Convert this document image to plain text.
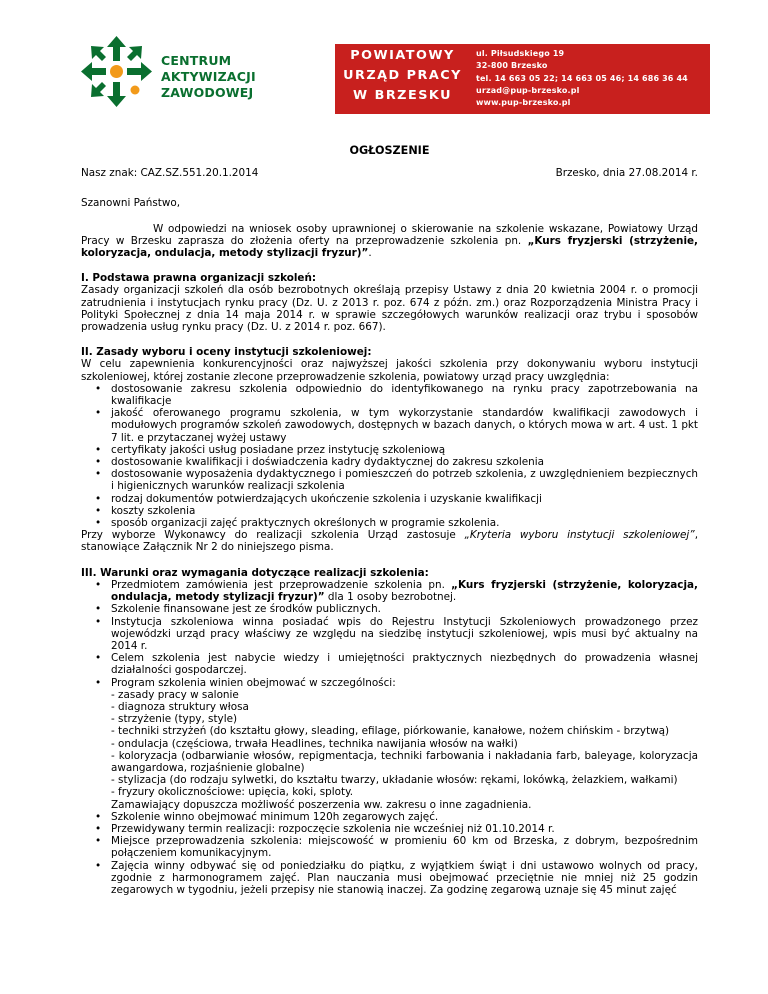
CENTRUM
AKTYWIZACJI
ZAWODOWEJ
POWIATOWY
URZĄD PRACY
W BRZESKU
ul. Piłsudskiego 19
32-800 Brzesko
tel. 14 663 05 22; 14 663 05 46; 14 686 36 44
urzad@pup-brzesko.pl
www.pup-brzesko.pl
OGŁOSZENIE
Nasz znak: CAZ.SZ.551.20.1.2014	Brzesko, dnia 27.08.2014 r.
Szanowni Państwo,

W odpowiedzi na wniosek osoby uprawnionej o skierowanie na szkolenie wskazane, Powiatowy Urząd Pracy w Brzesku zaprasza do złożenia oferty na przeprowadzenie szkolenia pn. „Kurs fryzjerski (strzyżenie, koloryzacja, ondulacja, metody stylizacji fryzur)”.

I. Podstawa prawna organizacji szkoleń:

Zasady organizacji szkoleń dla osób bezrobotnych określają przepisy Ustawy z dnia 20 kwietnia 2004 r. o promocji zatrudnienia i instytucjach rynku pracy (Dz. U. z 2013 r. poz. 674 z późn. zm.) oraz Rozporządzenia Ministra Pracy i Polityki Społecznej z dnia 14 maja 2014 r. w sprawie szczegółowych warunków realizacji oraz trybu i sposobów prowadzenia usług rynku pracy (Dz. U. z 2014 r. poz. 667).

II. Zasady wyboru i oceny instytucji szkoleniowej:

W celu zapewnienia konkurencyjności oraz najwyższej jakości szkolenia przy dokonywaniu wyboru instytucji szkoleniowej, której zostanie zlecone przeprowadzenie szkolenia, powiatowy urząd pracy uwzględnia:

• dostosowanie zakresu szkolenia odpowiednio do identyfikowanego na rynku pracy zapotrzebowania na kwalifikacje
• jakość oferowanego programu szkolenia, w tym wykorzystanie standardów kwalifikacji zawodowych i modułowych programów szkoleń zawodowych, dostępnych w bazach danych, o których mowa w art. 4 ust. 1 pkt 7 lit. e przytaczanej wyżej ustawy
• certyfikaty jakości usług posiadane przez instytucję szkoleniową
• dostosowanie kwalifikacji i doświadczenia kadry dydaktycznej do zakresu szkolenia
• dostosowanie wyposażenia dydaktycznego i pomieszczeń do potrzeb szkolenia, z uwzględnieniem bezpiecznych i higienicznych warunków realizacji szkolenia
• rodzaj dokumentów potwierdzających ukończenie szkolenia i uzyskanie kwalifikacji
• koszty szkolenia
• sposób organizacji zajęć praktycznych określonych w programie szkolenia.

Przy wyborze Wykonawcy do realizacji szkolenia Urząd zastosuje „Kryteria wyboru instytucji szkoleniowej”, stanowiące Załącznik Nr 2 do niniejszego pisma.

III. Warunki oraz wymagania dotyczące realizacji szkolenia:
• Przedmiotem zamówienia jest przeprowadzenie szkolenia pn. „Kurs fryzjerski (strzyżenie, koloryzacja, ondulacja, metody stylizacji fryzur)” dla 1 osoby bezrobotnej.
• Szkolenie finansowane jest ze środków publicznych.
• Instytucja szkoleniowa winna posiadać wpis do Rejestru Instytucji Szkoleniowych prowadzonego przez wojewódzki urząd pracy właściwy ze względu na siedzibę instytucji szkoleniowej, wpis musi być aktualny na 2014 r.
• Celem szkolenia jest nabycie wiedzy i umiejętności praktycznych niezbędnych do prowadzenia własnej działalności gospodarczej.
• Program szkolenia winien obejmować w szczególności:
- zasady pracy w salonie
- diagnoza struktury włosa
- strzyżenie (typy, style)
- techniki strzyżeń (do kształtu głowy, sleading, efilage, piórkowanie, kanałowe, nożem chińskim - brzytwą)
- ondulacja (częściowa, trwała Headlines, technika nawijania włosów na wałki)
- koloryzacja (odbarwianie włosów, repigmentacja, techniki farbowania i nakładania farb, baleyage, koloryzacja awangardowa, rozjaśnienie globalne)
- stylizacja (do rodzaju sylwetki, do kształtu twarzy, układanie włosów: rękami, lokówką, żelazkiem, wałkami)
- fryzury okolicznościowe: upięcia, koki, sploty.
Zamawiający dopuszcza możliwość poszerzenia ww. zakresu o inne zagadnienia.
• Szkolenie winno obejmować minimum 120h zegarowych zajęć.
• Przewidywany termin realizacji: rozpoczęcie szkolenia nie wcześniej niż 01.10.2014 r.
• Miejsce przeprowadzenia szkolenia: miejscowość w promieniu 60 km od Brzeska, z dobrym, bezpośrednim połączeniem komunikacyjnym.
• Zajęcia winny odbywać się od poniedziałku do piątku, z wyjątkiem świąt i dni ustawowo wolnych od pracy, zgodnie z harmonogramem zajęć. Plan nauczania musi obejmować przeciętnie nie mniej niż 25 godzin zegarowych w tygodniu, jeżeli przepisy nie stanowią inaczej. Za godzinę zegarową uznaje się 45 minut zajęć
